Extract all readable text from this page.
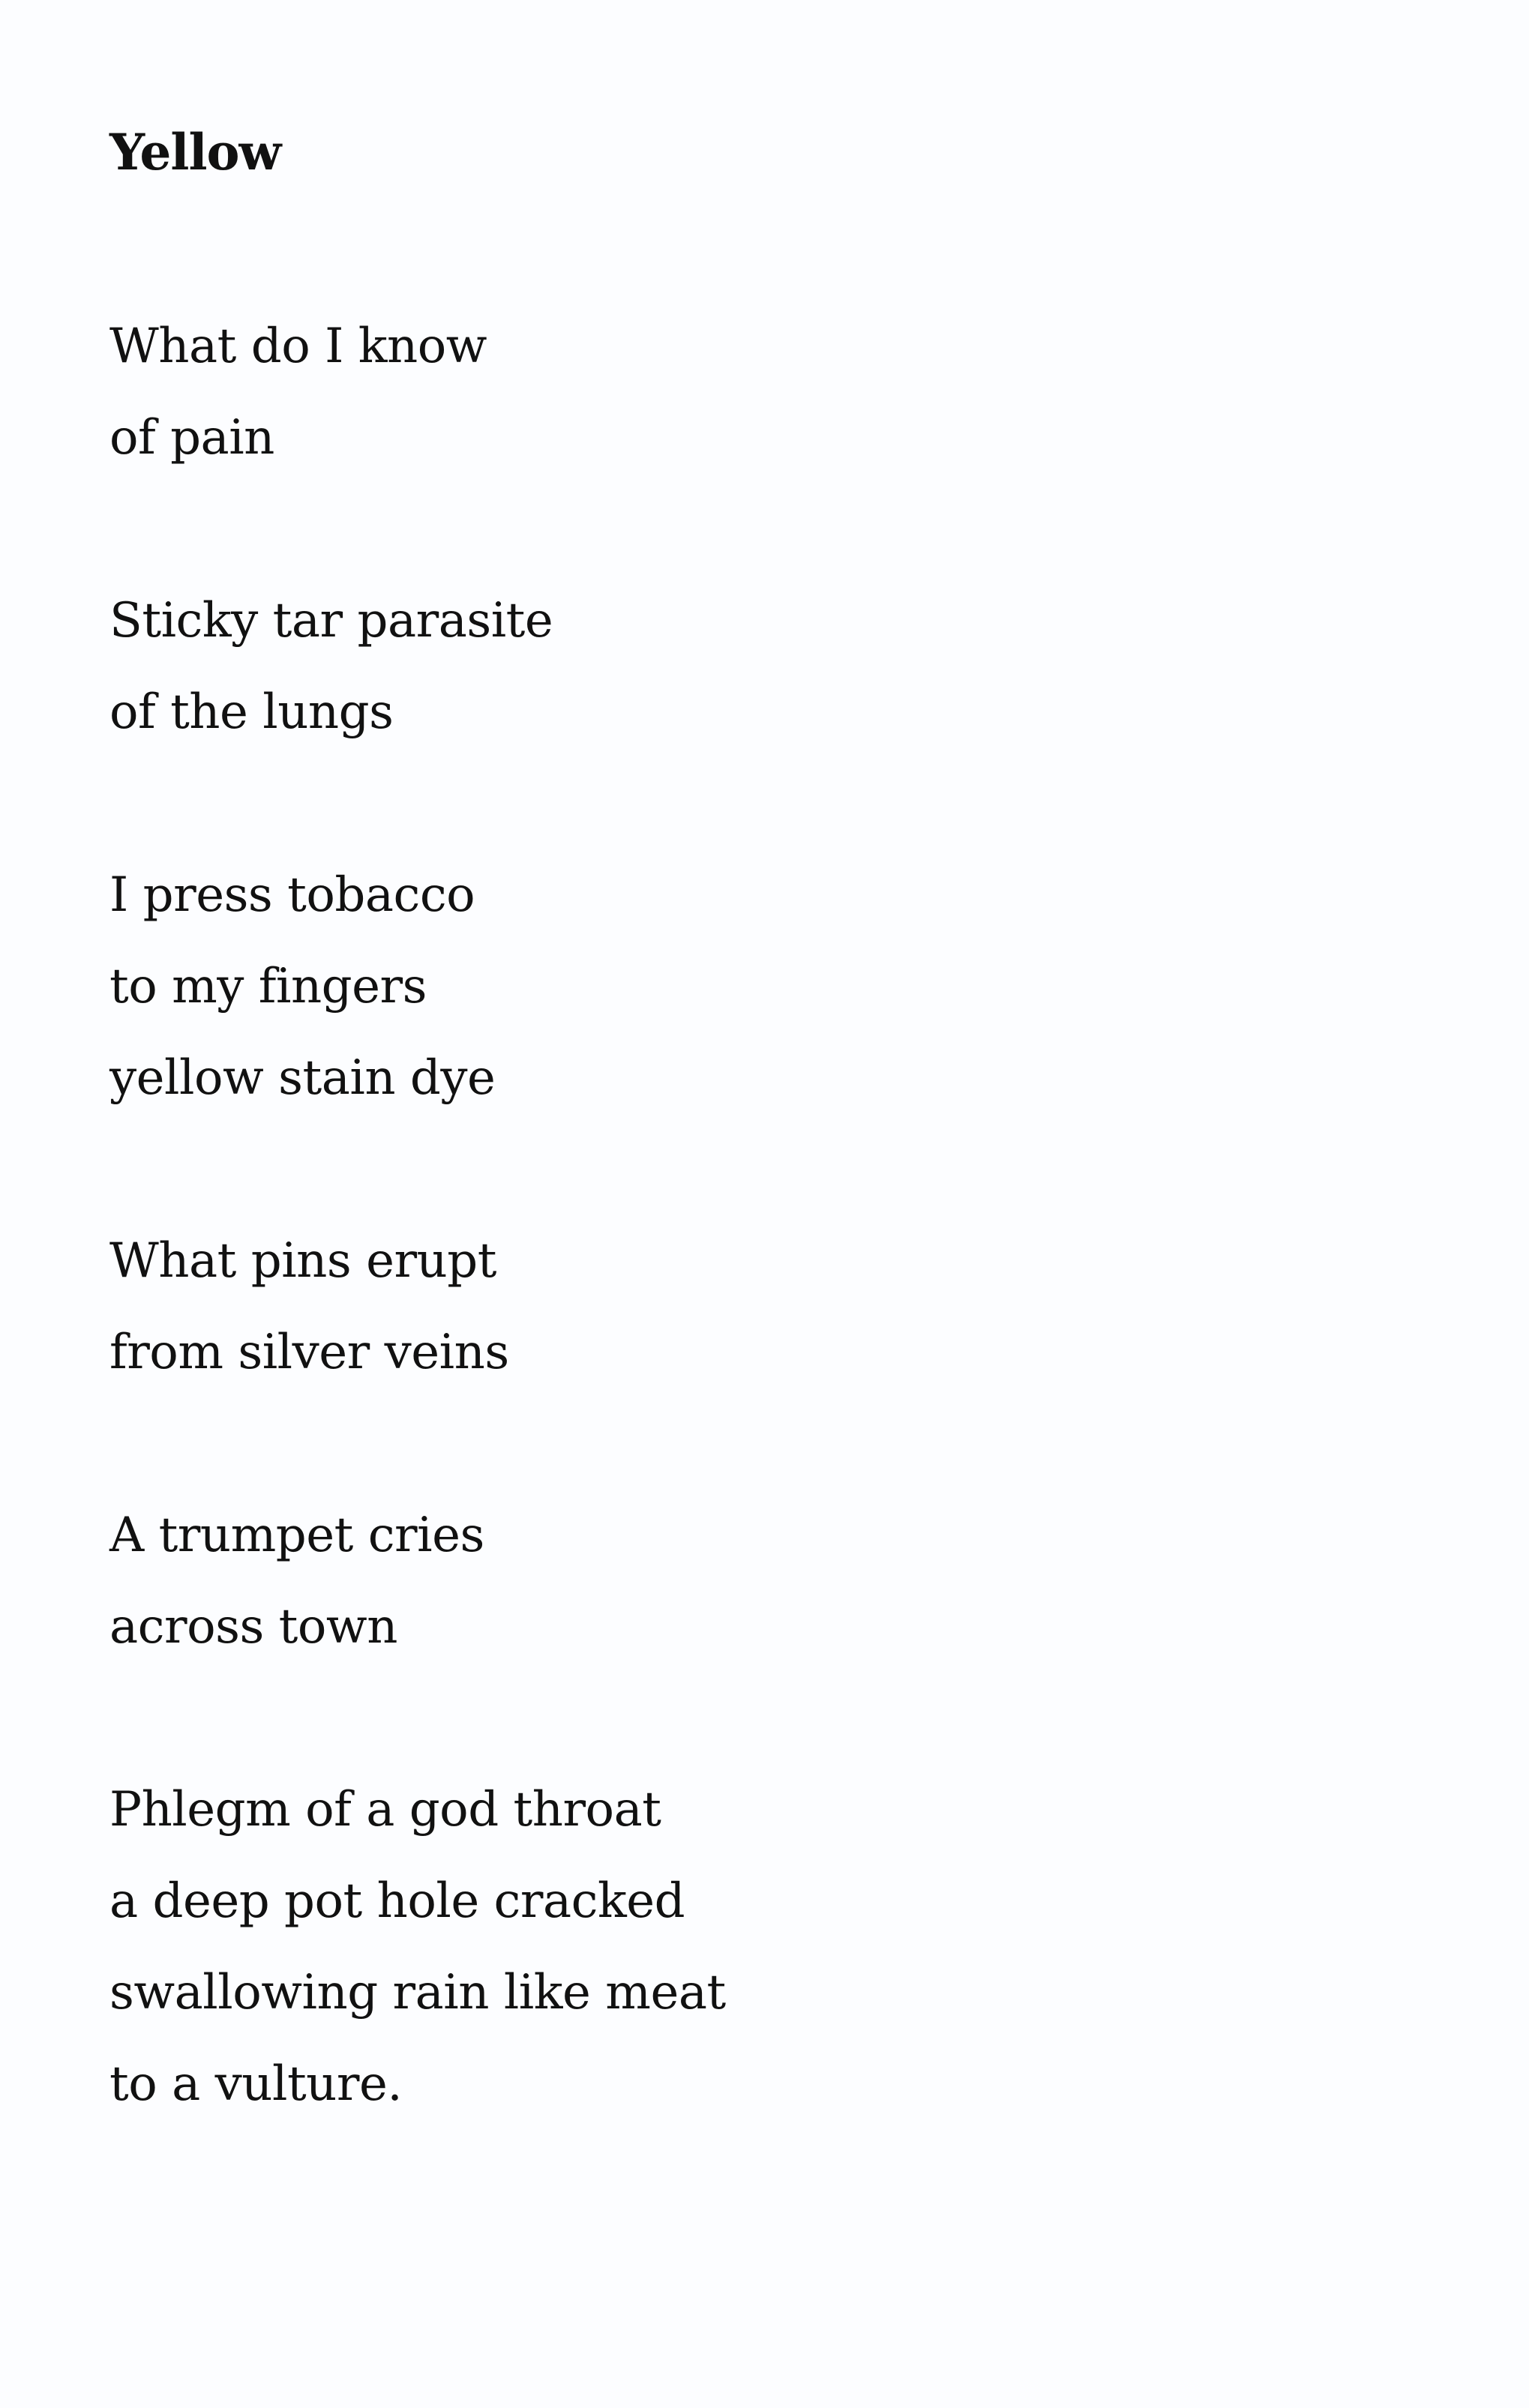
Yellow
What do I know
of pain
Sticky tar parasite
of the lungs
I press tobacco
to my fingers
yellow stain dye
What pins erupt
from silver veins
A trumpet cries
across town
Phlegm of a god throat
a deep pot hole cracked
swallowing rain like meat
to a vulture.
